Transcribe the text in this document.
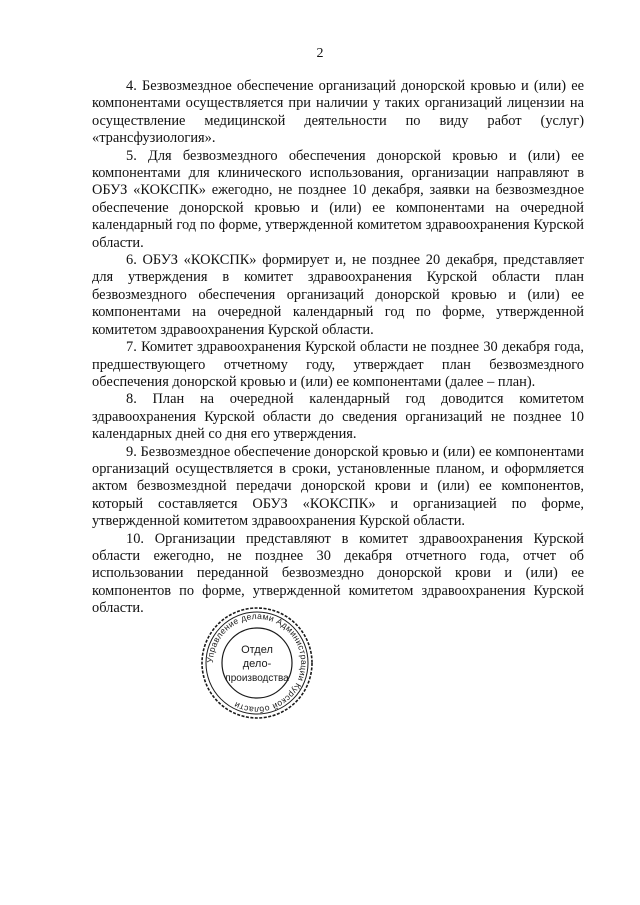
2

4. Безвозмездное обеспечение организаций донорской кровью и (или) ее компонентами осуществляется при наличии у таких организаций лицензии на осуществление медицинской деятельности по виду работ (услуг) «трансфузиология».

5. Для безвозмездного обеспечения донорской кровью и (или) ее компонентами для клинического использования, организации направляют в ОБУЗ «КОКСПК» ежегодно, не позднее 10 декабря, заявки на безвозмездное обеспечение донорской кровью и (или) ее компонентами на очередной календарный год по форме, утвержденной комитетом здравоохранения Курской области.

6. ОБУЗ «КОКСПК» формирует и, не позднее 20 декабря, представляет для утверждения в комитет здравоохранения Курской области план безвозмездного обеспечения организаций донорской кровью и (или) ее компонентами на очередной календарный год по форме, утвержденной комитетом здравоохранения Курской области.

7. Комитет здравоохранения Курской области не позднее 30 декабря года, предшествующего отчетному году, утверждает план безвозмездного обеспечения донорской кровью и (или) ее компонентами (далее – план).

8. План на очередной календарный год доводится комитетом здравоохранения Курской области до сведения организаций не позднее 10 календарных дней со дня его утверждения.

9. Безвозмездное обеспечение донорской кровью и (или) ее компонентами организаций осуществляется в сроки, установленные планом, и оформляется актом безвозмездной передачи донорской крови и (или) ее компонентов, который составляется ОБУЗ «КОКСПК» и организацией по форме, утвержденной комитетом здравоохранения Курской области.

10. Организации представляют в комитет здравоохранения Курской области ежегодно, не позднее 30 декабря отчетного года, отчет об использовании переданной безвозмездно донорской крови и (или) ее компонентов по форме, утвержденной комитетом здравоохранения Курской области.

Управление делами Администрации Курской области
Отдел
дело-
производства
